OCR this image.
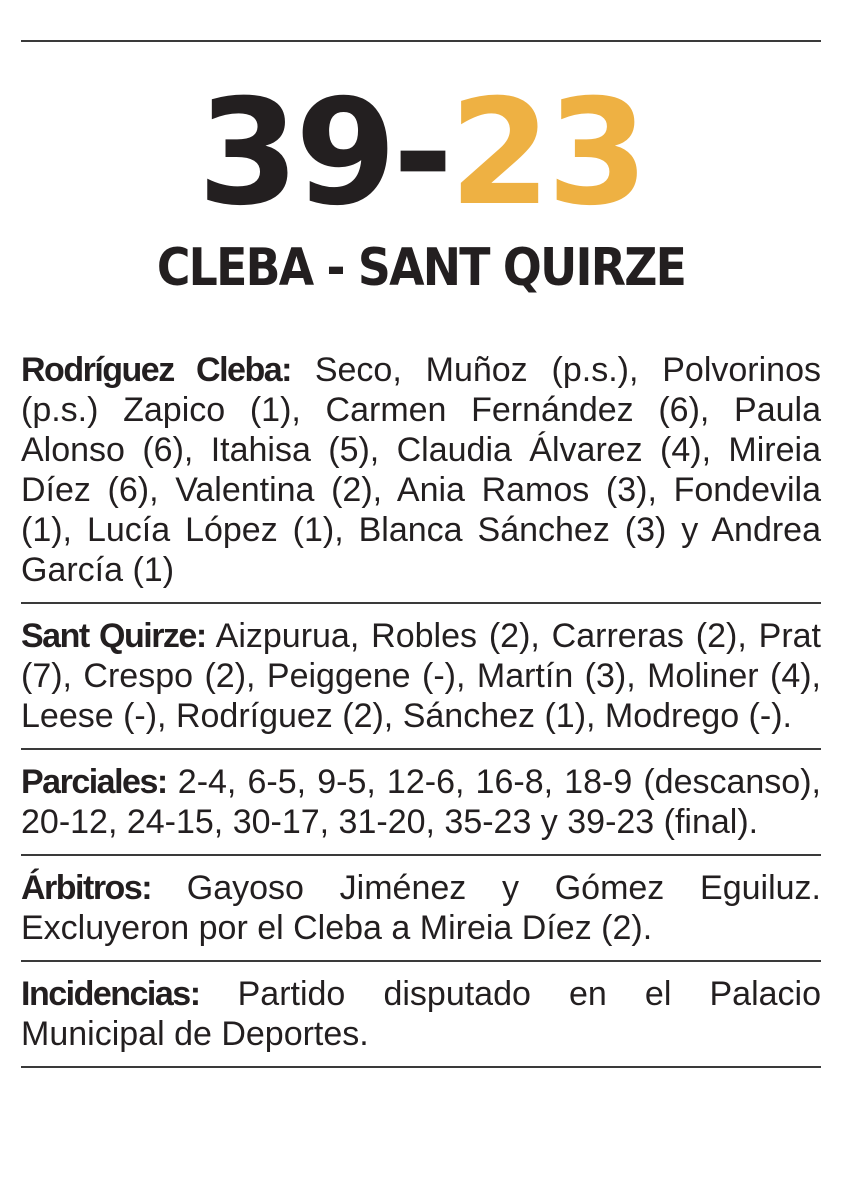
39-23
CLEBA - SANT QUIRZE
Rodríguez Cleba: Seco, Muñoz (p.s.), Polvorinos (p.s.) Zapico (1), Carmen Fernández (6), Paula Alonso (6), Itahisa (5), Claudia Álvarez (4), Mireia Díez (6), Valentina (2), Ania Ramos (3), Fondevila (1), Lucía López (1), Blanca Sánchez (3) y Andrea García (1)
Sant Quirze: Aizpurua, Robles (2), Carreras (2), Prat (7), Crespo (2), Peiggene (-), Martín (3), Moliner (4), Leese (-), Rodríguez (2), Sánchez (1), Modrego (-).
Parciales: 2-4, 6-5, 9-5, 12-6, 16-8, 18-9 (descanso), 20-12, 24-15, 30-17, 31-20, 35-23 y 39-23 (final).
Árbitros: Gayoso Jiménez y Gómez Eguiluz. Excluyeron por el Cleba a Mireia Díez (2).
Incidencias: Partido disputado en el Palacio Municipal de Deportes.
